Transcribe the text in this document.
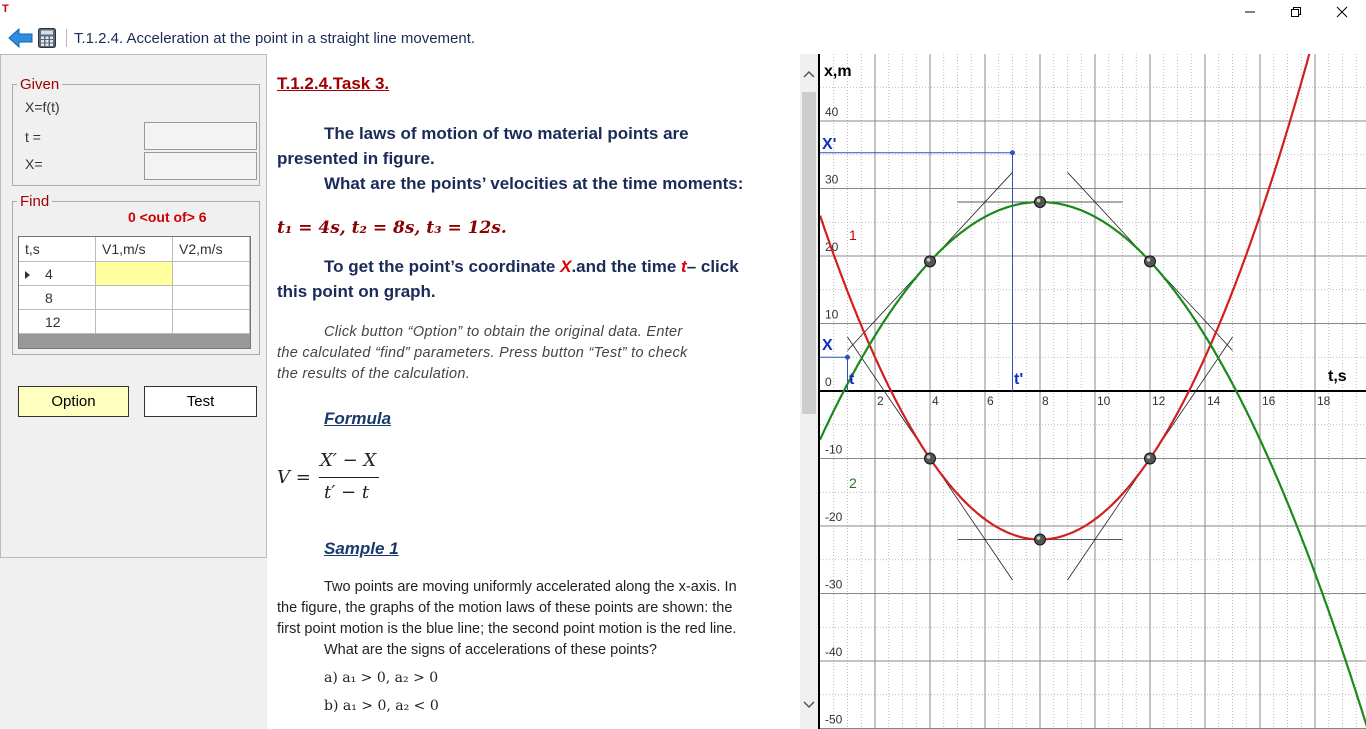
T
T.1.2.4. Acceleration at the point in a straight line movement.
Given
X=f(t)
t =
X=
Find
0 <out of> 6
t,s	V1,m/s	V2,m/s
4
8
12
Option	Test
T.1.2.4.Task 3.
The laws of motion of two material points are
presented in figure.
What are the points’ velocities at the time moments:
t₁ = 4s, t₂ = 8s, t₃ = 12s.
To get the point’s coordinate X.and the time t– click
this point on graph.
Click button “Option” to obtain the original data. Enter
the calculated “find” parameters. Press button “Test” to check
the results of the calculation.
Formula
V =
X′ − X
t′ − t
Sample 1
Two points are moving uniformly accelerated along the x-axis. In
the figure, the graphs of the motion laws of these points are shown: the
first point motion is the blue line; the second point motion is the red line.
What are the signs of accelerations of these points?
a) a₁ > 0, a₂ > 0
b) a₁ > 0, a₂ < 0
40
30
20
10
0
-10
-20
-30
-40
-50
2	4	6	8	10	12	14	16	18
x,m
t,s
X'
X
t	t'
1
2
